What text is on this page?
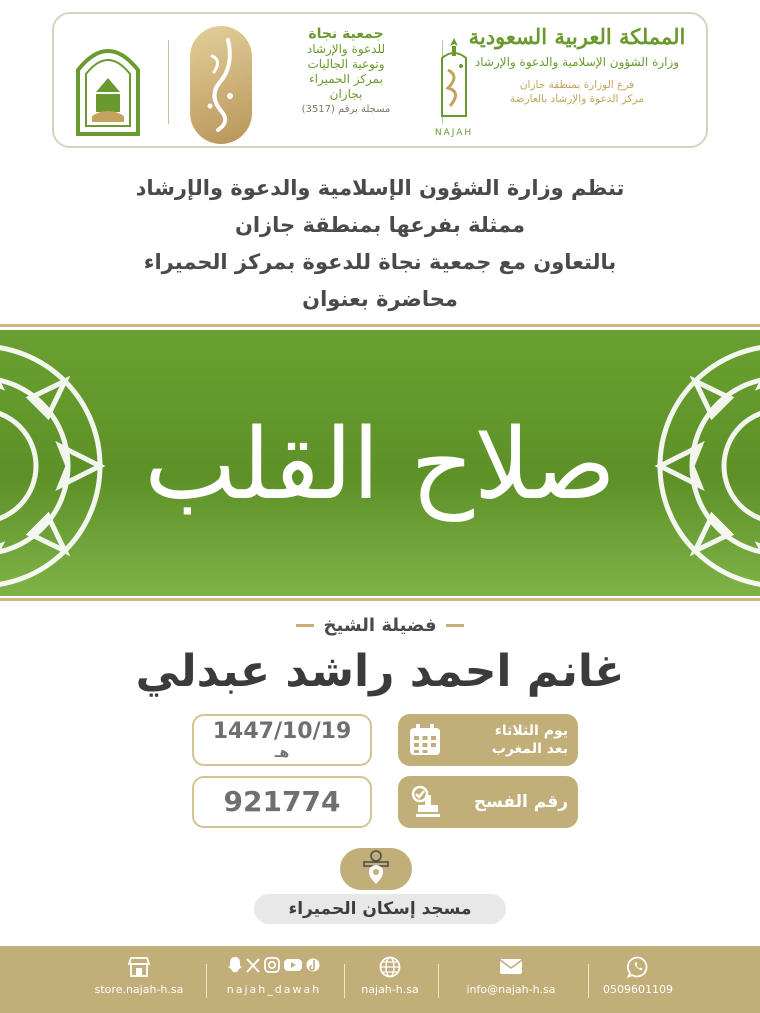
المملكة العربية السعودية
وزارة الشؤون الإسلامية والدعوة والإرشاد
فرع الوزارة بمنطقة جازان
مركز الدعوة والإرشاد بالعارضة
NAJAH
جمعية نجاة
للدعوة والإرشاد
وتوعية الجاليات
بمركز الحميراء
بجازان
مسجلة برقم (3517)

تنظم وزارة الشؤون الإسلامية والدعوة والإرشاد

ممثلة بفرعها بمنطقة جازان

بالتعاون مع جمعية نجاة للدعوة بمركز الحميراء

محاضرة بعنوان

صلاح القلب
فضيلة الشيخ
غانم احمد راشد عبدلي
1447/10/19
هـ
يوم الثلاثاء
بعد المغرب
921774	رقم الفسح
مسجد إسكان الحميراء
store.najah-h.sa	najah_dawah	najah-h.sa	info@najah-h.sa	0509601109
